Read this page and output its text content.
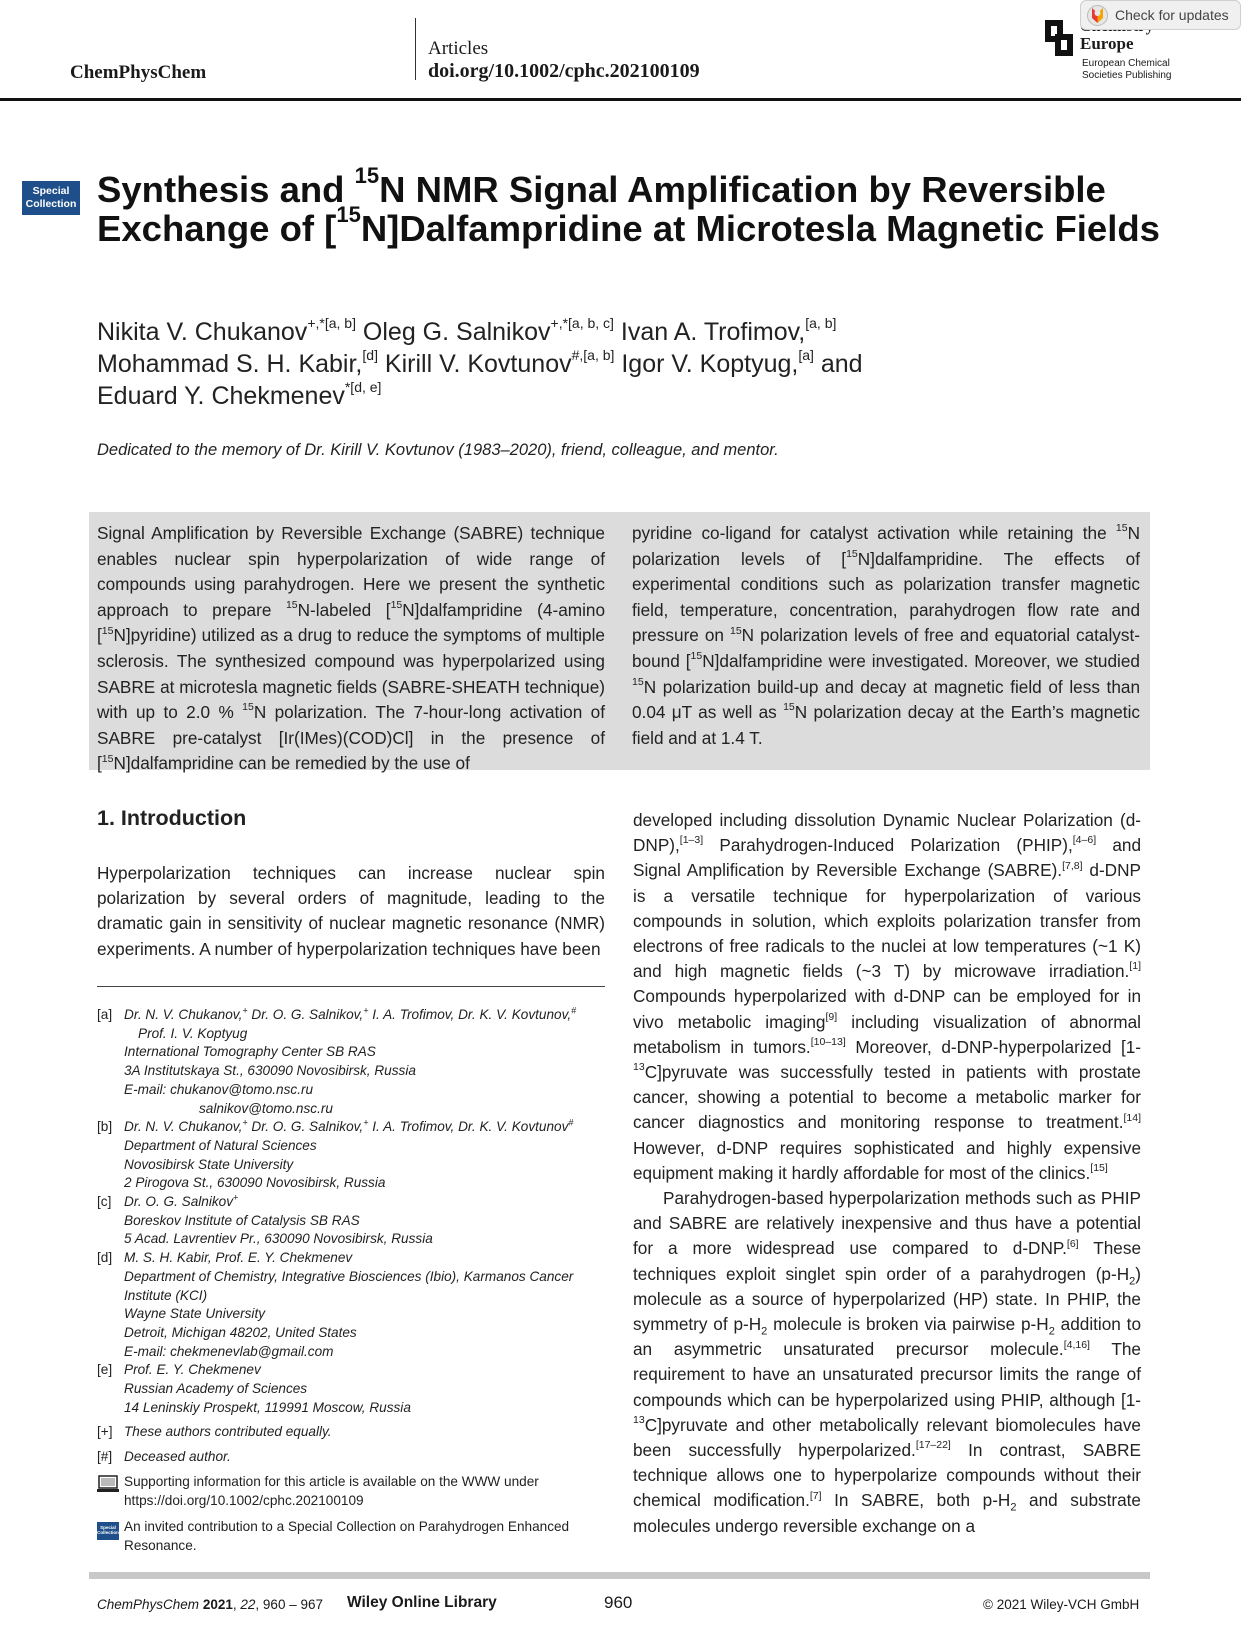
ChemPhysChem
Articles
doi.org/10.1002/cphc.202100109
Europe
European Chemical
Societies Publishing
Check for updates
Special
Collection Synthesis and $^{15}$N NMR Signal Amplification by Reversible Exchange of [$^{15}$N]Dalfampridine at Microtesla Magnetic Fields
Nikita V. Chukanov$^{+,*[a, b]}$ Oleg G. Salnikov$^{+,*[a, b, c]}$ Ivan A. Trofimov,[a, b]
Mohammad S. H. Kabir,[d] Kirill V. Kovtunov$^{\#,[a, b]}$ Igor V. Koptyug,[a] and
Eduard Y. Chekmenev$^{*[d, e]}$
Dedicated to the memory of Dr. Kirill V. Kovtunov (1983–2020), friend, colleague, and mentor.

Signal Amplification by Reversible Exchange (SABRE) technique enables nuclear spin hyperpolarization of wide range of compounds using parahydrogen. Here we present the synthetic approach to prepare $^{15}$N-labeled [$^{15}$N]dalfampridine (4-amino [$^{15}$N]pyridine) utilized as a drug to reduce the symptoms of multiple sclerosis. The synthesized compound was hyperpolarized using SABRE at microtesla magnetic fields (SABRE-SHEATH technique) with up to 2.0 % $^{15}$N polarization. The 7-hour-long activation of SABRE pre-catalyst [Ir(IMes)(COD)Cl] in the presence of [$^{15}$N]dalfampridine can be remedied by the use of

pyridine co-ligand for catalyst activation while retaining the $^{15}$N polarization levels of [$^{15}$N]dalfampridine. The effects of experimental conditions such as polarization transfer magnetic field, temperature, concentration, parahydrogen flow rate and pressure on $^{15}$N polarization levels of free and equatorial catalyst-bound [$^{15}$N]dalfampridine were investigated. Moreover, we studied $^{15}$N polarization build-up and decay at magnetic field of less than 0.04 μT as well as $^{15}$N polarization decay at the Earth’s magnetic field and at 1.4 T.

1. Introduction

Hyperpolarization techniques can increase nuclear spin polarization by several orders of magnitude, leading to the dramatic gain in sensitivity of nuclear magnetic resonance (NMR) experiments. A number of hyperpolarization techniques have been

developed including dissolution Dynamic Nuclear Polarization (d-DNP),[1–3] Parahydrogen-Induced Polarization (PHIP),[4–6] and Signal Amplification by Reversible Exchange (SABRE).[7,8] d-DNP is a versatile technique for hyperpolarization of various compounds in solution, which exploits polarization transfer from electrons of free radicals to the nuclei at low temperatures (~1 K) and high magnetic fields (~3 T) by microwave irradiation.[1] Compounds hyperpolarized with d-DNP can be employed for in vivo metabolic imaging[9] including visualization of abnormal metabolism in tumors.[10–13] Moreover, d-DNP-hyperpolarized [1-$^{13}$C]pyruvate was successfully tested in patients with prostate cancer, showing a potential to become a metabolic marker for cancer diagnostics and monitoring response to treatment.[14] However, d-DNP requires sophisticated and highly expensive equipment making it hardly affordable for most of the clinics.[15]

Parahydrogen-based hyperpolarization methods such as PHIP and SABRE are relatively inexpensive and thus have a potential for a more widespread use compared to d-DNP.[6] These techniques exploit singlet spin order of a parahydrogen $(p-H_2)$ molecule as a source of hyperpolarized (HP) state. In PHIP, the symmetry of $p-H_2$ molecule is broken via pairwise $p-H_2$ addition to an asymmetric unsaturated precursor molecule.[4,16] The requirement to have an unsaturated precursor limits the range of compounds which can be hyperpolarized using PHIP, although [1-$^{13}$C]pyruvate and other metabolically relevant biomolecules have been successfully hyperpolarized.[17–22] In contrast, SABRE technique allows one to hyperpolarize compounds without their chemical modification.[7] In SABRE, both $p-H_2$ and substrate molecules undergo reversible exchange on a

[a] Dr. N. V. Chukanov,+ Dr. O. G. Salnikov,+ I. A. Trofimov, Dr. K. V. Kovtunov,#
Prof. I. V. Koptyug
International Tomography Center SB RAS
3A Institutskaya St., 630090 Novosibirsk, Russia
E-mail: chukanov@tomo.nsc.ru
salnikov@tomo.nsc.ru
[b] Dr. N. V. Chukanov,+ Dr. O. G. Salnikov,+ I. A. Trofimov, Dr. K. V. Kovtunov#
Department of Natural Sciences
Novosibirsk State University
2 Pirogova St., 630090 Novosibirsk, Russia
[c] Dr. O. G. Salnikov+
Boreskov Institute of Catalysis SB RAS
5 Acad. Lavrentiev Pr., 630090 Novosibirsk, Russia
[d] M. S. H. Kabir, Prof. E. Y. Chekmenev
Department of Chemistry, Integrative Biosciences (Ibio), Karmanos Cancer
Institute (KCI)
Wayne State University
Detroit, Michigan 48202, United States
E-mail: chekmenevlab@gmail.com
[e] Prof. E. Y. Chekmenev
Russian Academy of Sciences
14 Leninskiy Prospekt, 119991 Moscow, Russia
[+] These authors contributed equally.
[#] Deceased author.
Supporting information for this article is available on the WWW under https://doi.org/10.1002/cphc.202100109
Special
Collection An invited contribution to a Special Collection on Parahydrogen Enhanced Resonance.
ChemPhysChem 2021, 22, 960 – 967 Wiley Online Library	960	© 2021 Wiley-VCH GmbH
